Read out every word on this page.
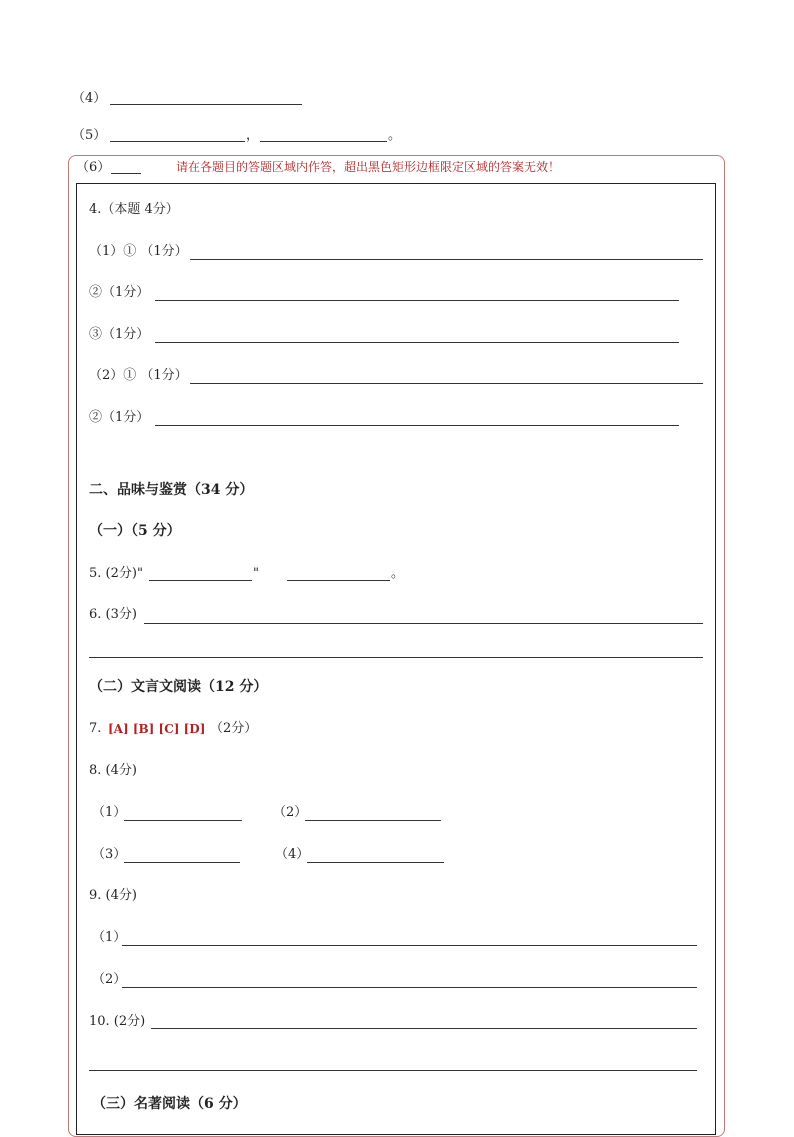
（4）
（5）	，	。
（6）	请在各题目的答题区域内作答，超出黑色矩形边框限定区域的答案无效！
4.（本题 4分）
（1）① （1分）
②（1分）
③（1分）
（2）① （1分）
②（1分）
二、品味与鉴赏（34 分）
（一）（5 分）
5. (2分)"	"	。
6. (3分)
（二）文言文阅读（12 分）
7. [A] [B] [C] [D] （2分）
8. (4分)
（1）	（2）
（3）	（4）
9. (4分)
（1）
（2）
10. (2分)
（三）名著阅读（6 分）
